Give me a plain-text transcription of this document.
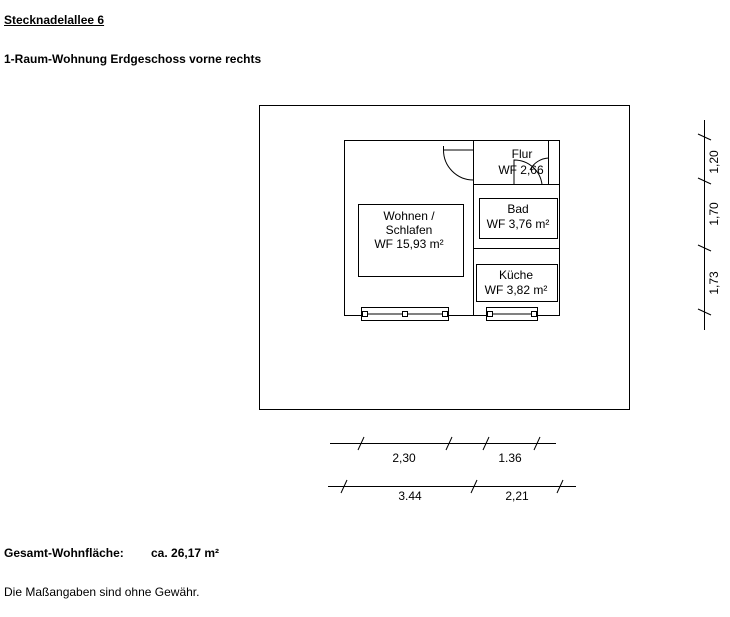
Stecknadelallee 6
1-Raum-Wohnung Erdgeschoss vorne rechts
Flur
WF 2,66
Wohnen /
Schlafen
WF 15,93 m²
Bad
WF 3,76 m²
Küche
WF 3,82 m²
1,20
1,70
1,73
2,30	1.36
3.44	2,21
Gesamt-Wohnfläche: ca. 26,17 m²
Die Maßangaben sind ohne Gewähr.
